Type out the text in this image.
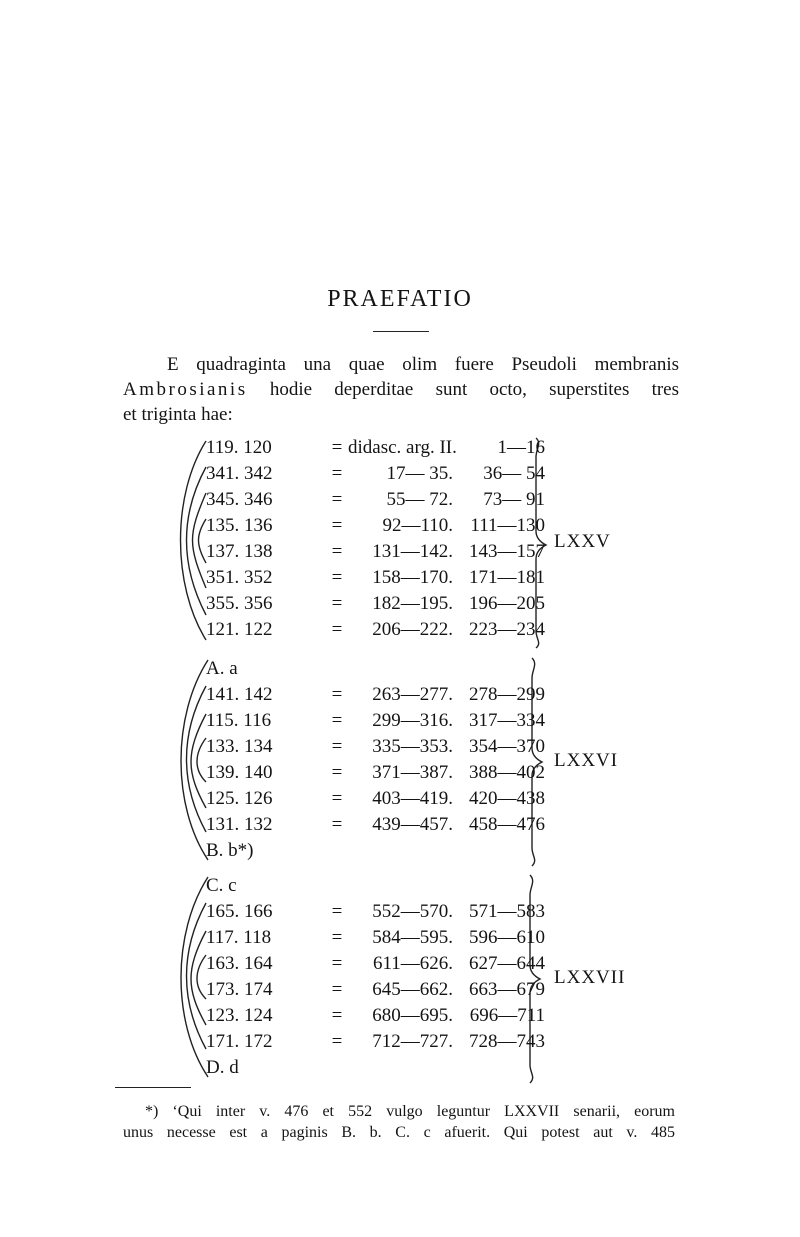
PRAEFATIO
E quadraginta una quae olim fuere Pseudoli membranis
Ambrosianis hodie deperditae sunt octo, superstites tres
et triginta hae:
119. 120	= didasc. arg. II. 1—16
341. 342	= 17— 35. 36— 54
345. 346	= 55— 72. 73— 91
135. 136	= 92—110. 111—130
137. 138	= 131—142. 143—157
351. 352	= 158—170. 171—181
355. 356	= 182—195. 196—205
121. 122	= 206—222. 223—234
LXXV
A. a
141. 142	= 263—277. 278—299
115. 116	= 299—316. 317—334
133. 134	= 335—353. 354—370
139. 140	= 371—387. 388—402
125. 126	= 403—419. 420—438
131. 132	= 439—457. 458—476
B. b*)
LXXVI
C. c
165. 166	= 552—570. 571—583
117. 118	= 584—595. 596—610
163. 164	= 611—626. 627—644
173. 174	= 645—662. 663—679
123. 124	= 680—695. 696—711
171. 172	= 712—727. 728—743
D. d
LXXVII
*) ‘Qui inter v. 476 et 552 vulgo leguntur LXXVII senarii, eorum
unus necesse est a paginis B. b. C. c afuerit. Qui potest aut v. 485
